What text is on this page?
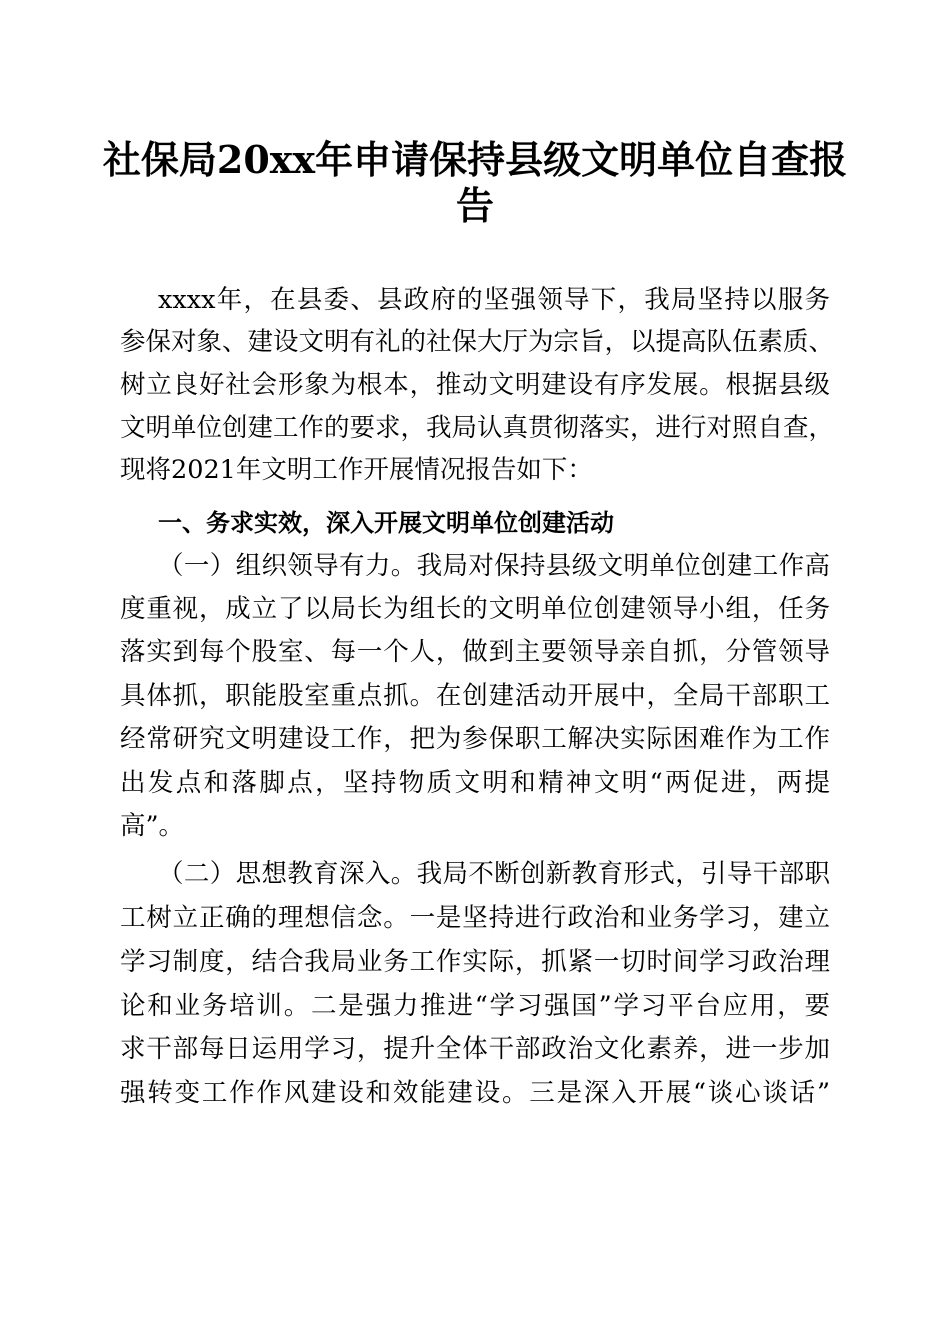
社保局20xx年申请保持县级文明单位自查报
告
xxxx年，在县委、县政府的坚强领导下，我局坚持以服务
参保对象、建设文明有礼的社保大厅为宗旨，以提高队伍素质、
树立良好社会形象为根本，推动文明建设有序发展。根据县级
文明单位创建工作的要求，我局认真贯彻落实，进行对照自查，
现将2021年文明工作开展情况报告如下：
一、务求实效，深入开展文明单位创建活动
（一）组织领导有力。我局对保持县级文明单位创建工作高
度重视，成立了以局长为组长的文明单位创建领导小组，任务
落实到每个股室、每一个人，做到主要领导亲自抓，分管领导
具体抓，职能股室重点抓。在创建活动开展中，全局干部职工
经常研究文明建设工作，把为参保职工解决实际困难作为工作
出发点和落脚点，坚持物质文明和精神文明“两促进，两提
高”。
（二）思想教育深入。我局不断创新教育形式，引导干部职
工树立正确的理想信念。一是坚持进行政治和业务学习，建立
学习制度，结合我局业务工作实际，抓紧一切时间学习政治理
论和业务培训。二是强力推进“学习强国”学习平台应用，要
求干部每日运用学习，提升全体干部政治文化素养，进一步加
强转变工作作风建设和效能建设。三是深入开展“谈心谈话”
